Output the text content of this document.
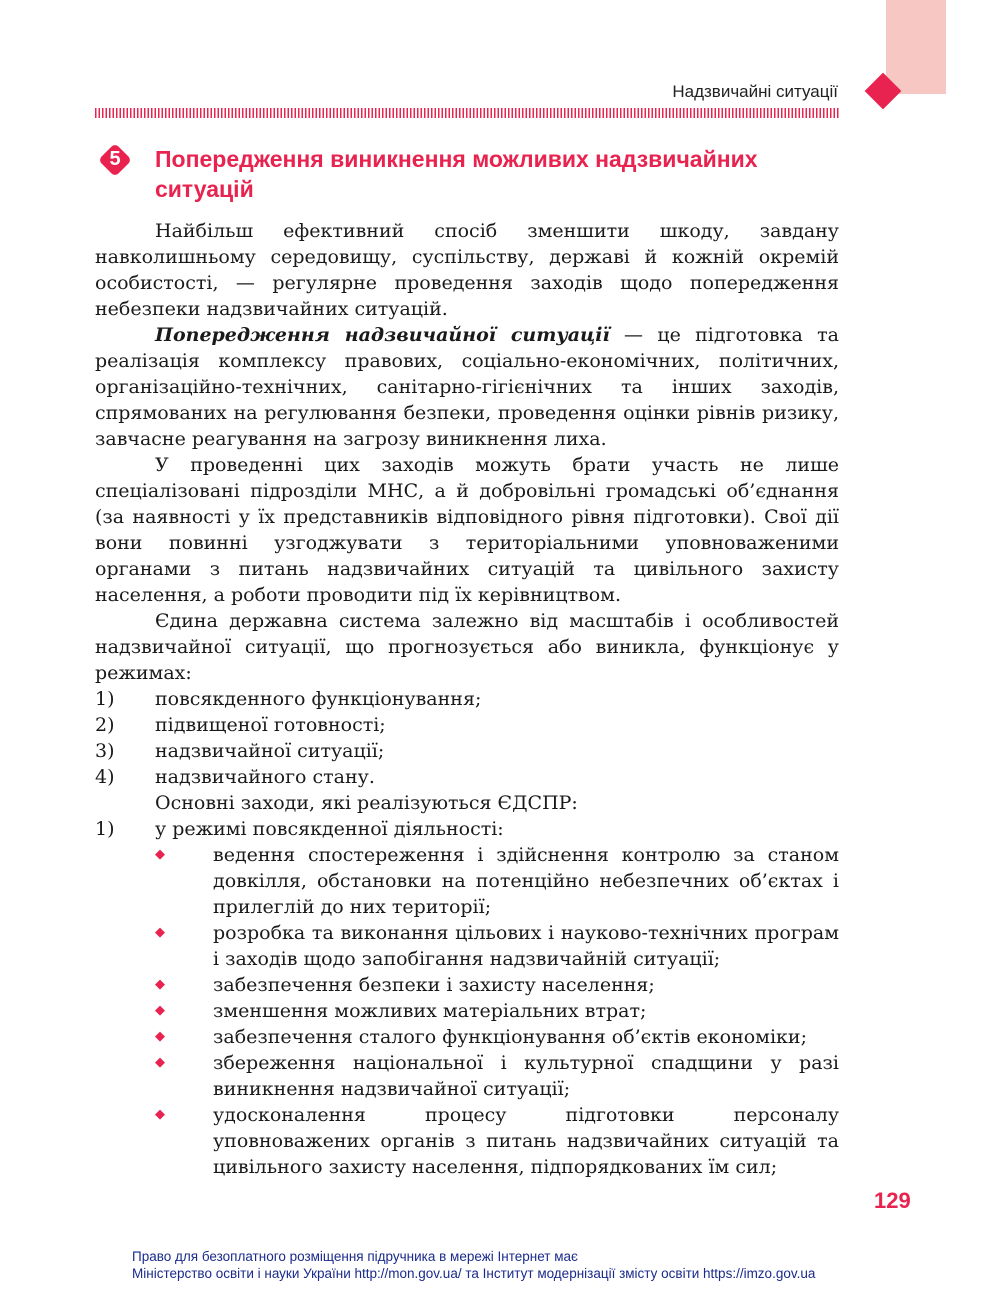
Надзвичайні ситуації
5	Попередження виникнення можливих надзвичайних ситуацій

Найбільш ефективний спосіб зменшити шкоду, завдану навколишньому середовищу, суспільству, державі й кожній окремій особистості, — регулярне проведення заходів щодо попередження небезпеки надзвичайних ситуацій.

Попередження надзвичайної ситуації — це підготовка та реалізація комплексу правових, соціально-економічних, політичних, організаційно-технічних, санітарно-гігієнічних та інших заходів, спрямованих на регулювання безпеки, проведення оцінки рівнів ризику, завчасне реагування на загрозу виникнення лиха.

У проведенні цих заходів можуть брати участь не лише спеціалізовані підрозділи МНС, а й добровільні громадські об’єднання (за наявності у їх представників відповідного рівня підготовки). Свої дії вони повинні узгоджувати з територіальними уповноваженими органами з питань надзвичайних ситуацій та цивільного захисту населення, а роботи проводити під їх керівництвом.

Єдина державна система залежно від масштабів і особливостей надзвичайної ситуації, що прогнозується або виникла, функціонує у режимах:

1)	повсякденного функціонування;
2)	підвищеної готовності;
3)	надзвичайної ситуації;
4)	надзвичайного стану.

Основні заходи, які реалізуються ЄДСПР:

1)	у режимі повсякденної діяльності:
◆	ведення спостереження і здійснення контролю за станом довкілля, обстановки на потенційно небезпечних об’єктах і прилеглій до них території;
◆	розробка та виконання цільових і науково-технічних програм і заходів щодо запобігання надзвичайній ситуації;
◆	забезпечення безпеки і захисту населення;
◆	зменшення можливих матеріальних втрат;
◆	забезпечення сталого функціонування об’єктів економіки;
◆	збереження національної і культурної спадщини у разі виникнення надзвичайної ситуації;
◆	удосконалення процесу підготовки персоналу уповноважених органів з питань надзвичайних ситуацій та цивільного захисту населення, підпорядкованих їм сил;
129
Право для безоплатного розміщення підручника в мережі Інтернет має
Міністерство освіти і науки України http://mon.gov.ua/ та Інститут модернізації змісту освіти https://imzo.gov.ua
